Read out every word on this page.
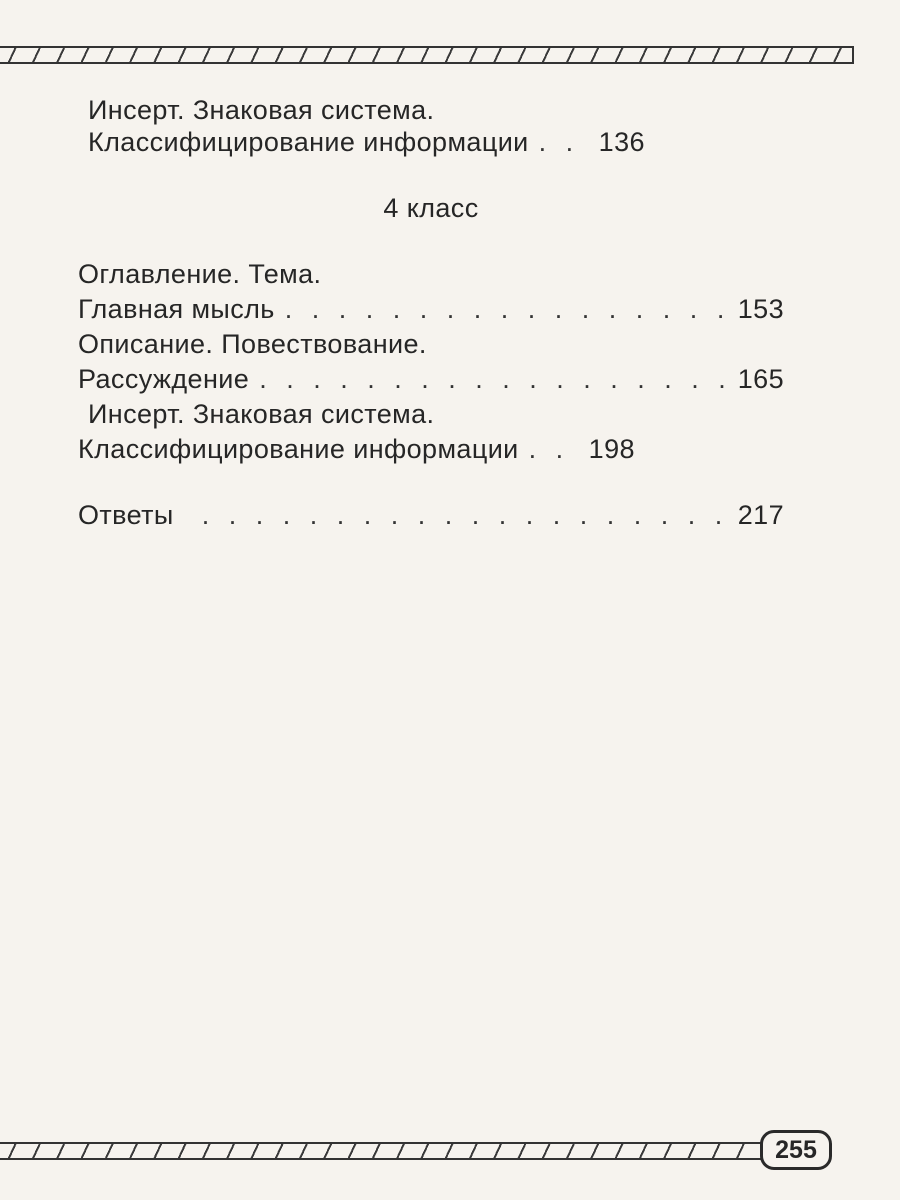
Инсерт. Знаковая система.
Классифицирование информации . . .	136
4 класс
Оглавление. Тема.
Главная мысль . . .	153
Описание. Повествование.
Рассуждение . . .	165
Инсерт. Знаковая система.
Классифицирование информации . . .	198
Ответы . . .	217
255
